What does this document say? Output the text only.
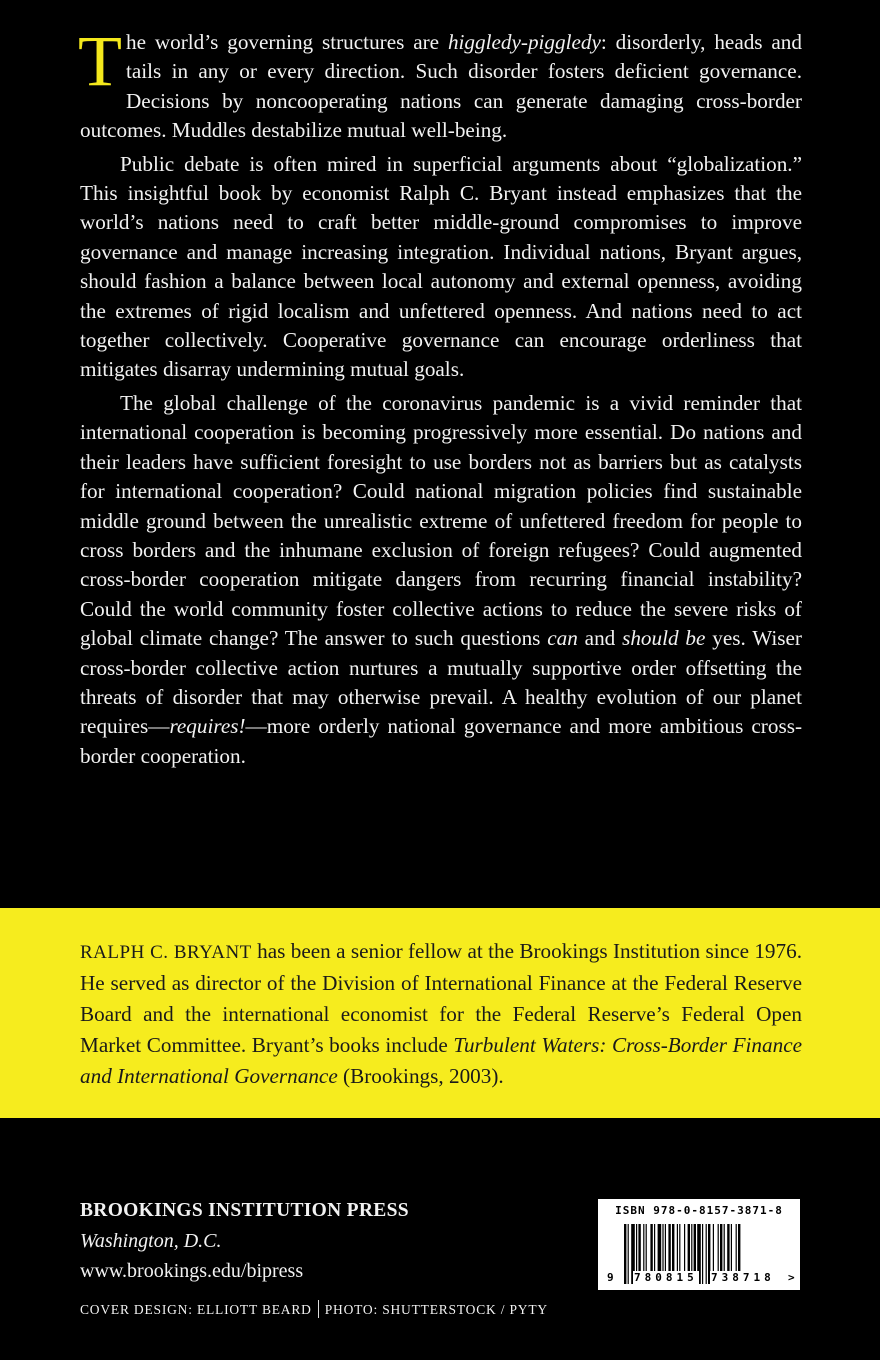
The world’s governing structures are higgledy-piggledy: disorderly, heads and tails in any or every direction. Such disorder fosters deficient governance. Decisions by noncooperating nations can generate damaging cross-border outcomes. Muddles destabilize mutual well-being.

Public debate is often mired in superficial arguments about “globalization.” This insightful book by economist Ralph C. Bryant instead emphasizes that the world’s nations need to craft better middle-ground compromises to improve governance and manage increasing integration. Individual nations, Bryant argues, should fashion a balance between local autonomy and external openness, avoiding the extremes of rigid localism and unfettered openness. And nations need to act together collectively. Cooperative governance can encourage orderliness that mitigates disarray undermining mutual goals.

The global challenge of the coronavirus pandemic is a vivid reminder that international cooperation is becoming progressively more essential. Do nations and their leaders have sufficient foresight to use borders not as barriers but as catalysts for international cooperation? Could national migration policies find sustainable middle ground between the unrealistic extreme of unfettered freedom for people to cross borders and the inhumane exclusion of foreign refugees? Could augmented cross-border cooperation mitigate dangers from recurring financial instability? Could the world community foster collective actions to reduce the severe risks of global climate change? The answer to such questions can and should be yes. Wiser cross-border collective action nurtures a mutually supportive order offsetting the threats of disorder that may otherwise prevail. A healthy evolution of our planet requires—requires!—more orderly national governance and more ambitious cross-border cooperation.

RALPH C. BRYANT has been a senior fellow at the Brookings Institution since 1976. He served as director of the Division of International Finance at the Federal Reserve Board and the international economist for the Federal Reserve’s Federal Open Market Committee. Bryant’s books include Turbulent Waters: Cross-Border Finance and International Governance (Brookings, 2003).

BROOKINGS INSTITUTION PRESS
Washington, D.C.
www.brookings.edu/bipress
COVER DESIGN: ELLIOTT BEARD PHOTO: SHUTTERSTOCK / PYTY
ISBN 978-0-8157-3871-8
9 780815 738718 >
